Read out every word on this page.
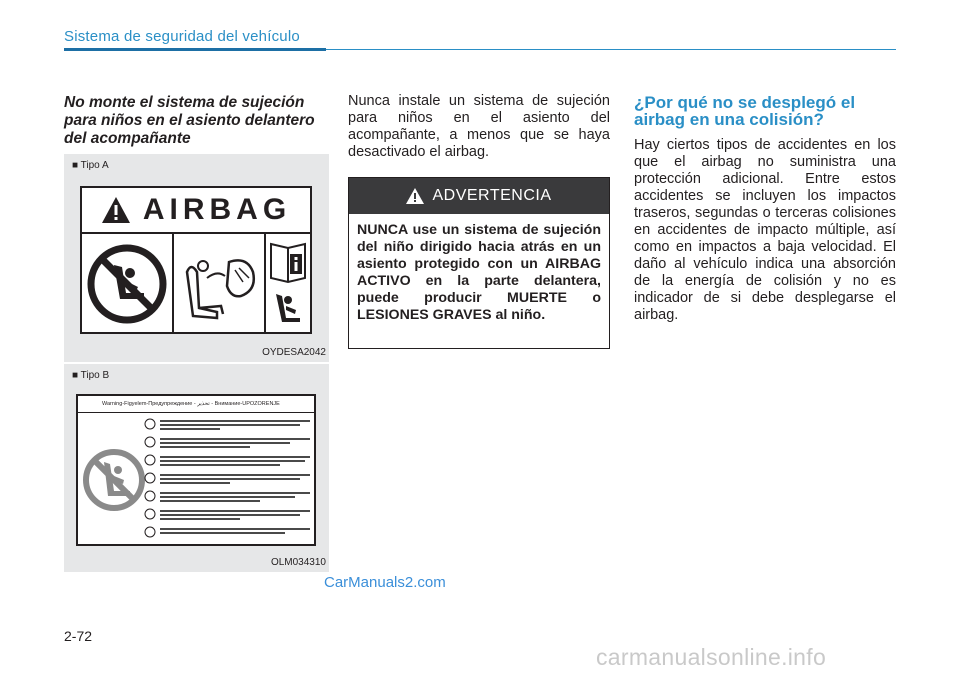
Sistema de seguridad del vehículo
No monte el sistema de sujeción para niños en el asiento delantero del acompañante
■ Tipo A
AIRBAG
OYDESA2042
■ Tipo B
Warning-Figyelem-Предупреждение - تحذير - Внимание-UPOZORENJE
OLM034310
Nunca instale un sistema de sujeción para niños en el asiento del acompañante, a menos que se haya desactivado el airbag.
ADVERTENCIA
NUNCA use un sistema de sujeción del niño dirigido hacia atrás en un asiento protegido con un AIRBAG ACTIVO en la parte delantera, puede producir MUERTE o LESIONES GRAVES al niño.
¿Por qué no se desplegó el airbag en una colisión?
Hay ciertos tipos de accidentes en los que el airbag no suministra una protección adicional. Entre estos accidentes se incluyen los impactos traseros, segundas o terceras colisiones en accidentes de impacto múltiple, así como en impactos a baja velocidad. El daño al vehículo indica una absorción de la energía de colisión y no es indicador de si debe desplegarse el airbag.
CarManuals2.com
2-72
carmanualsonline.info
